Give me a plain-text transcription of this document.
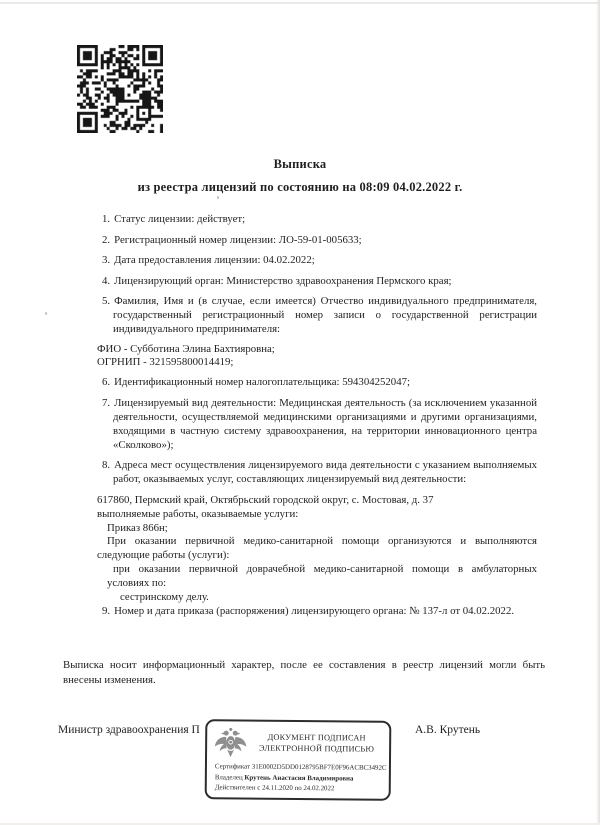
Выписка
из реестра лицензий по состоянию на 08:09 04.02.2022 г.

1. Статус лицензии: действует;

2. Регистрационный номер лицензии: ЛО-59-01-005633;

3. Дата предоставления лицензии: 04.02.2022;

4. Лицензирующий орган: Министерство здравоохранения Пермского края;

5. Фамилия, Имя и (в случае, если имеется) Отчество индивидуального предпринимателя, государственный регистрационный номер записи о государственной регистрации индивидуального предпринимателя:

ФИО - Субботина Элина Бахтияровна;

ОГРНИП - 321595800014419;

6. Идентификационный номер налогоплательщика: 594304252047;

7. Лицензируемый вид деятельности: Медицинская деятельность (за исключением указанной деятельности, осуществляемой медицинскими организациями и другими организациями, входящими в частную систему здравоохранения, на территории инновационного центра «Сколково»);

8. Адреса мест осуществления лицензируемого вида деятельности с указанием выполняемых работ, оказываемых услуг, составляющих лицензируемый вид деятельности:

617860, Пермский край, Октябрьский городской округ, с. Мостовая, д. 37

выполняемые работы, оказываемые услуги:

Приказ 866н;

При оказании первичной медико-санитарной помощи организуются и выполняются следующие работы (услуги):

при оказании первичной доврачебной медико-санитарной помощи в амбулаторных условиях по:

сестринскому делу.

9. Номер и дата приказа (распоряжения) лицензирующего органа: № 137-л от 04.02.2022.

Выписка носит информационный характер, после ее составления в реестр лицензий могли быть внесены изменения.
Министр здравоохранения П	А.В. Крутень
ДОКУМЕНТ ПОДПИСАН
ЭЛЕКТРОННОЙ ПОДПИСЬЮ
Сертификат 31E0002D5DD0128795BF7E0F96ACBC3492C
Владелец Крутень Анастасия Владимировна
Действителен с 24.11.2020 по 24.02.2022
